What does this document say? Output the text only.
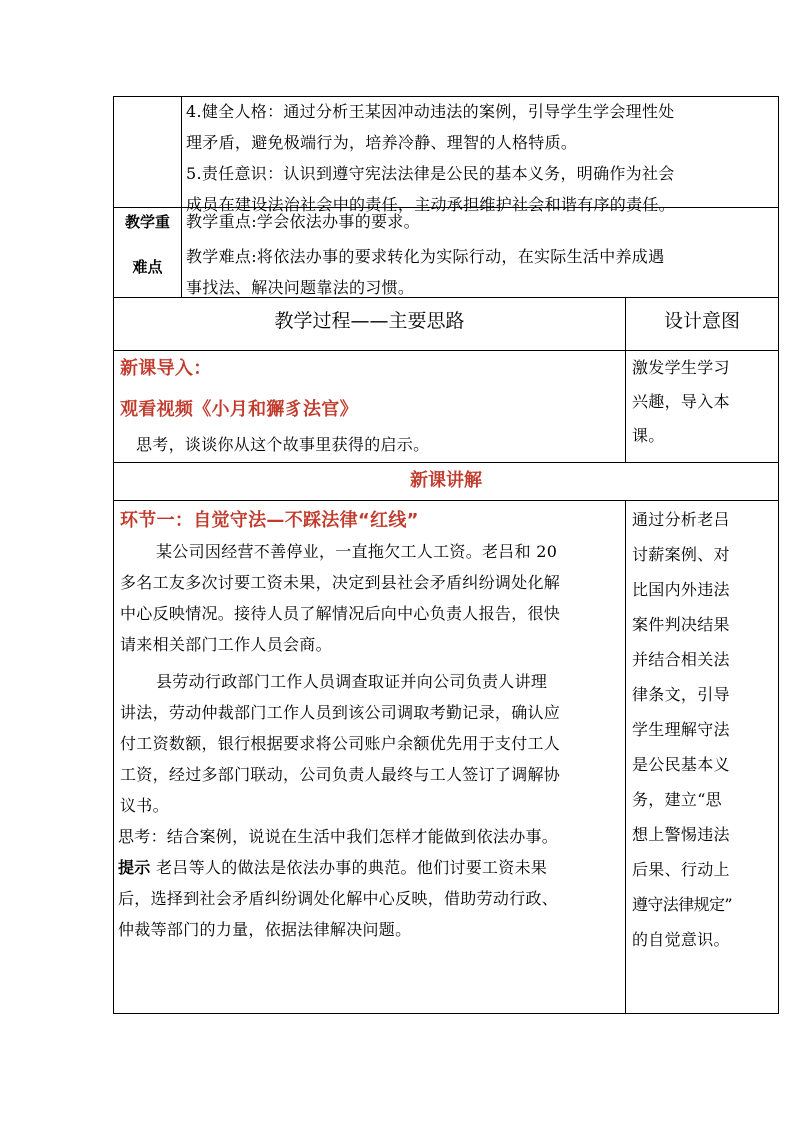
4.健全人格：通过分析王某因冲动违法的案例，引导学生学会理性处

理矛盾，避免极端行为，培养冷静、理智的人格特质。

5.责任意识：认识到遵守宪法法律是公民的基本义务，明确作为社会

成员在建设法治社会中的责任，主动承担维护社会和谐有序的责任。

教学重
难点

教学重点:学会依法办事的要求。

教学难点:将依法办事的要求转化为实际行动，在实际生活中养成遇

事找法、解决问题靠法的习惯。

教学过程——主要思路	设计意图

新课导入：

观看视频《小月和獬豸法官》

思考，谈谈你从这个故事里获得的启示。

激发学生学习

兴趣，导入本

课。

新课讲解

环节一：自觉守法—不踩法律“红线”

某公司因经营不善停业，一直拖欠工人工资。老吕和 20

多名工友多次讨要工资未果，决定到县社会矛盾纠纷调处化解

中心反映情况。接待人员了解情况后向中心负责人报告，很快

请来相关部门工作人员会商。

县劳动行政部门工作人员调查取证并向公司负责人讲理

讲法，劳动仲裁部门工作人员到该公司调取考勤记录，确认应

付工资数额，银行根据要求将公司账户余额优先用于支付工人

工资，经过多部门联动，公司负责人最终与工人签订了调解协

议书。

思考：结合案例，说说在生活中我们怎样才能做到依法办事。

提示 老吕等人的做法是依法办事的典范。他们讨要工资未果

后，选择到社会矛盾纠纷调处化解中心反映，借助劳动行政、

仲裁等部门的力量，依据法律解决问题。

通过分析老吕

讨薪案例、对

比国内外违法

案件判决结果

并结合相关法

律条文，引导

学生理解守法

是公民基本义

务，建立“思

想上警惕违法

后果、行动上

遵守法律规定”

的自觉意识。
